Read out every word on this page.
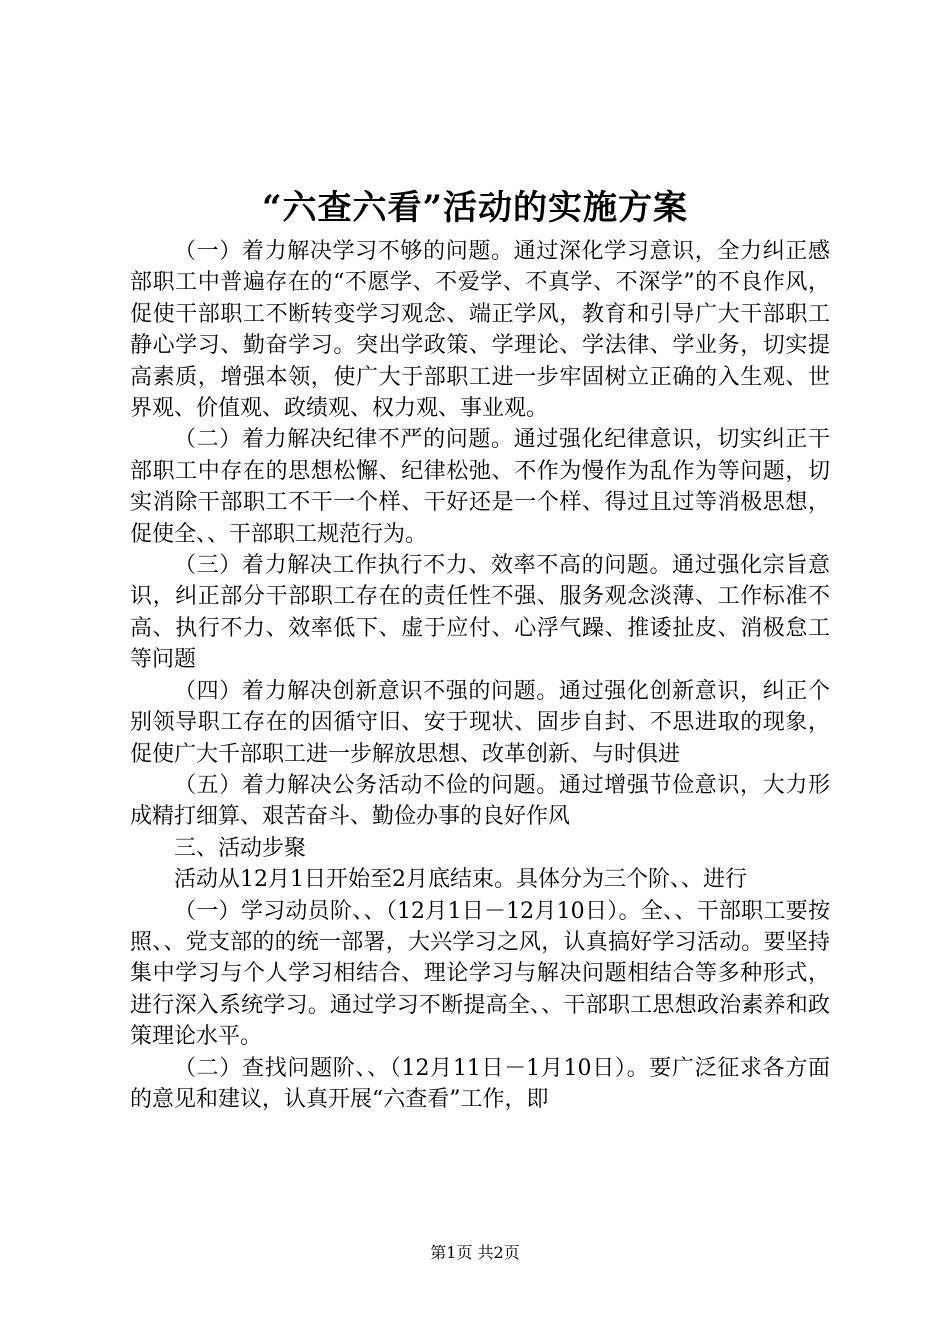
“六查六看”活动的实施方案

（一）着力解决学习不够的问题。通过深化学习意识，全力纠正感部职工中普遍存在的“不愿学、不爱学、不真学、不深学”的不良作风，促使干部职工不断转变学习观念、端正学风，教育和引导广大干部职工静心学习、勤奋学习。突出学政策、学理论、学法律、学业务，切实提高素质，增强本领，使广大于部职工进一步牢固树立正确的入生观、世界观、价值观、政绩观、权力观、事业观。

（二）着力解决纪律不严的问题。通过强化纪律意识，切实纠正干部职工中存在的思想松懈、纪律松弛、不作为慢作为乱作为等问题，切实消除干部职工不干一个样、干好还是一个样、得过且过等消极思想，促使全、、干部职工规范行为。

（三）着力解决工作执行不力、效率不高的问题。通过强化宗旨意识，纠正部分干部职工存在的责任性不强、服务观念淡薄、工作标准不高、执行不力、效率低下、虚于应付、心浮气躁、推诿扯皮、消极怠工等问题

（四）着力解决创新意识不强的问题。通过强化创新意识，纠正个别领导职工存在的因循守旧、安于现状、固步自封、不思进取的现象，促使广大千部职工进一步解放思想、改革创新、与时俱进

（五）着力解决公务活动不俭的问题。通过增强节俭意识，大力形成精打细算、艰苦奋斗、勤俭办事的良好作风

三、活动步聚

活动从12月1日开始至2月底结束。具体分为三个阶、、进行

（一）学习动员阶、、（12月1日－12月10日）。全、、干部职工要按照、、党支部的的统一部署，大兴学习之风，认真搞好学习活动。要坚持集中学习与个人学习相结合、理论学习与解决问题相结合等多种形式，进行深入系统学习。通过学习不断提高全、、干部职工思想政治素养和政策理论水平。

（二）查找问题阶、、（12月11日－1月10日）。要广泛征求各方面的意见和建议，认真开展“六查看”工作，即

第1页 共2页
